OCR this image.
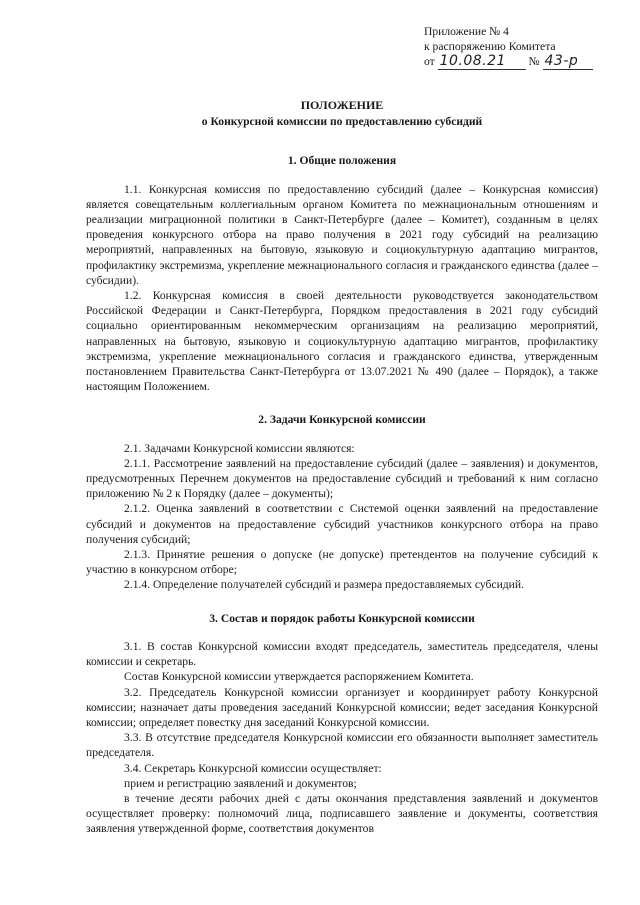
Приложение № 4
к распоряжению Комитета
от 10.08.21 № 43-р
ПОЛОЖЕНИЕ
о Конкурсной комиссии по предоставлению субсидий
1. Общие положения

1.1. Конкурсная комиссия по предоставлению субсидий (далее – Конкурсная комиссия) является совещательным коллегиальным органом Комитета по межнациональным отношениям и реализации миграционной политики в Санкт-Петербурге (далее – Комитет), созданным в целях проведения конкурсного отбора на право получения в 2021 году субсидий на реализацию мероприятий, направленных на бытовую, языковую и социокультурную адаптацию мигрантов, профилактику экстремизма, укрепление межнационального согласия и гражданского единства (далее – субсидии).

1.2. Конкурсная комиссия в своей деятельности руководствуется законодательством Российской Федерации и Санкт-Петербурга, Порядком предоставления в 2021 году субсидий социально ориентированным некоммерческим организациям на реализацию мероприятий, направленных на бытовую, языковую и социокультурную адаптацию мигрантов, профилактику экстремизма, укрепление межнационального согласия и гражданского единства, утвержденным постановлением Правительства Санкт-Петербурга от 13.07.2021 № 490 (далее – Порядок), а также настоящим Положением.

2. Задачи Конкурсной комиссии

2.1. Задачами Конкурсной комиссии являются:

2.1.1. Рассмотрение заявлений на предоставление субсидий (далее – заявления) и документов, предусмотренных Перечнем документов на предоставление субсидий и требований к ним согласно приложению № 2 к Порядку (далее – документы);

2.1.2. Оценка заявлений в соответствии с Системой оценки заявлений на предоставление субсидий и документов на предоставление субсидий участников конкурсного отбора на право получения субсидий;

2.1.3. Принятие решения о допуске (не допуске) претендентов на получение субсидий к участию в конкурсном отборе;

2.1.4. Определение получателей субсидий и размера предоставляемых субсидий.

3. Состав и порядок работы Конкурсной комиссии

3.1. В состав Конкурсной комиссии входят председатель, заместитель председателя, члены комиссии и секретарь.

Состав Конкурсной комиссии утверждается распоряжением Комитета.

3.2. Председатель Конкурсной комиссии организует и координирует работу Конкурсной комиссии; назначает даты проведения заседаний Конкурсной комиссии; ведет заседания Конкурсной комиссии; определяет повестку дня заседаний Конкурсной комиссии.

3.3. В отсутствие председателя Конкурсной комиссии его обязанности выполняет заместитель председателя.

3.4. Секретарь Конкурсной комиссии осуществляет:

прием и регистрацию заявлений и документов;

в течение десяти рабочих дней с даты окончания представления заявлений и документов осуществляет проверку: полномочий лица, подписавшего заявление и документы, соответствия заявления утвержденной форме, соответствия документов
